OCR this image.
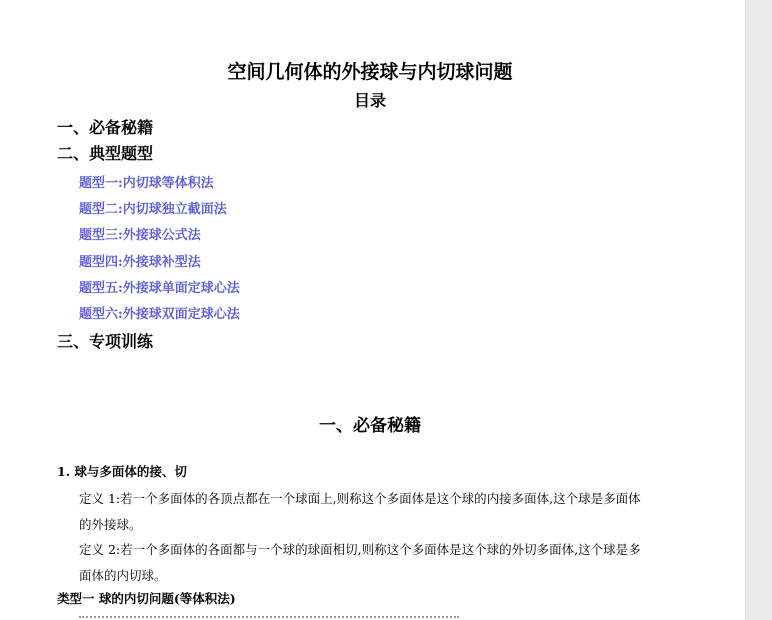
空间几何体的外接球与内切球问题
目录
一、必备秘籍
二、典型题型
题型一:内切球等体积法
题型二:内切球独立截面法
题型三:外接球公式法
题型四:外接球补型法
题型五:外接球单面定球心法
题型六:外接球双面定球心法
三、专项训练
一、必备秘籍
1. 球与多面体的接、切
定义 1:若一个多面体的各顶点都在一个球面上,则称这个多面体是这个球的内接多面体,这个球是多面体
的外接球。
定义 2:若一个多面体的各面都与一个球的球面相切,则称这个多面体是这个球的外切多面体,这个球是多
面体的内切球。
类型一 球的内切问题(等体积法)
